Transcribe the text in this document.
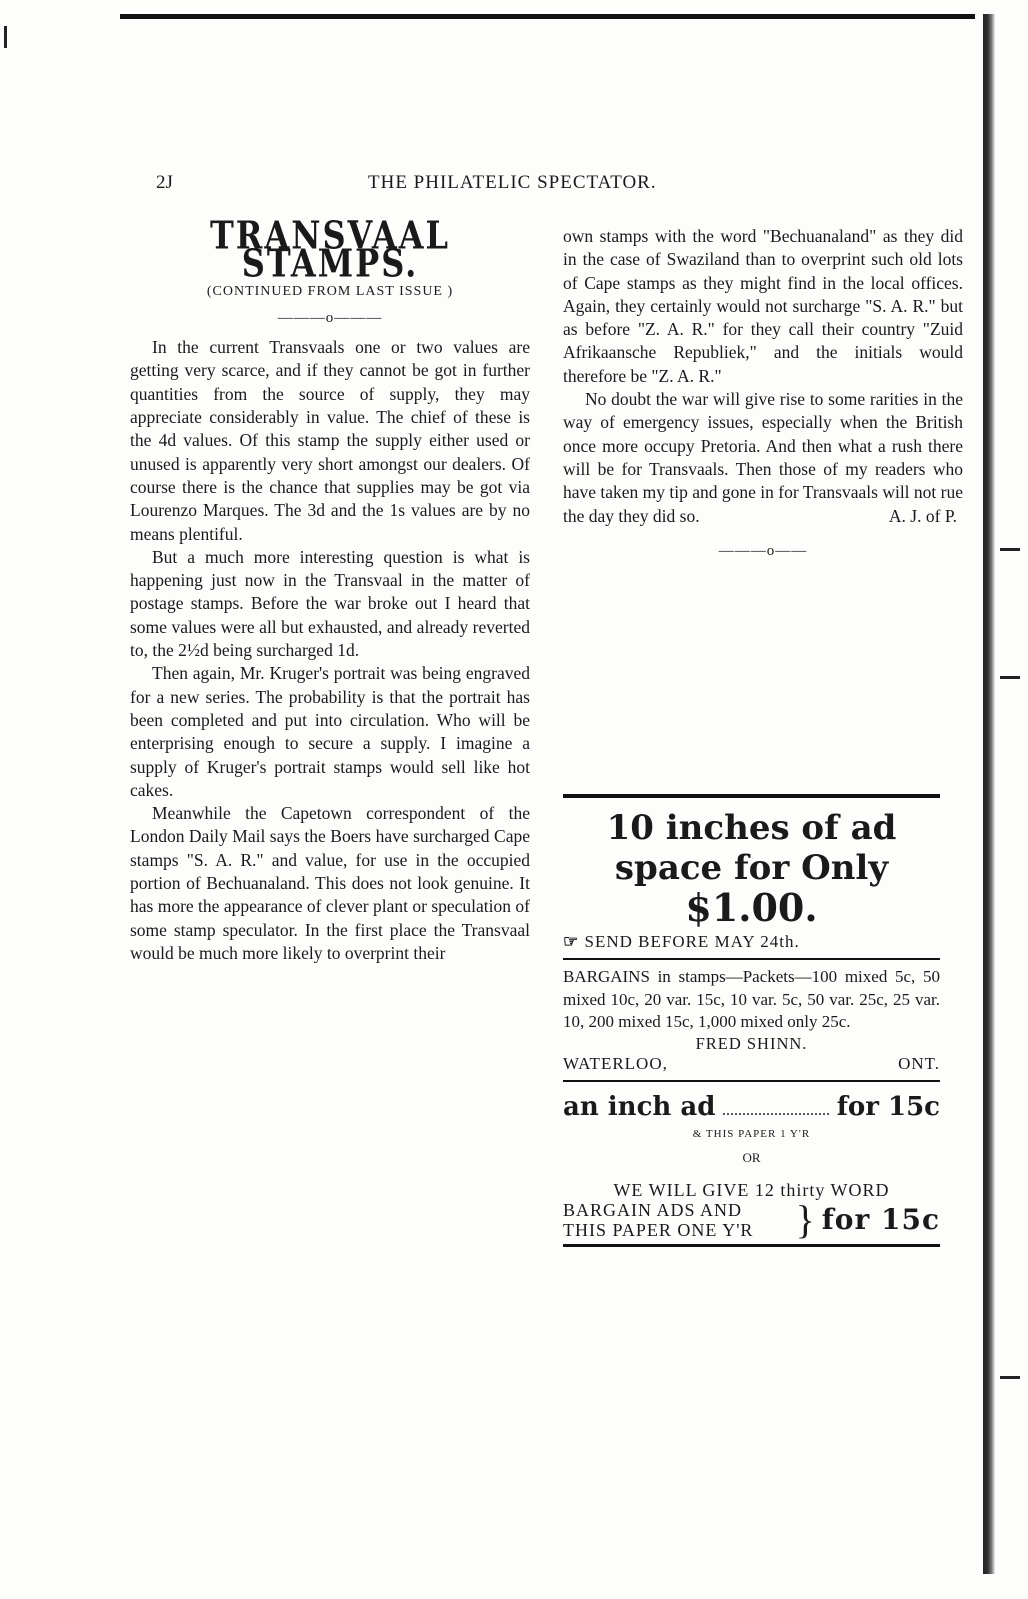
2J	THE PHILATELIC SPECTATOR.
TRANSVAAL STAMPS.
(CONTINUED FROM LAST ISSUE )
———o———

In the current Transvaals one or two values are getting very scarce, and if they cannot be got in further quantities from the source of supply, they may appreciate considerably in value. The chief of these is the 4d values. Of this stamp the supply either used or unused is apparently very short amongst our dealers. Of course there is the chance that supplies may be got via Lourenzo Marques. The 3d and the 1s values are by no means plentiful.

But a much more interesting question is what is happening just now in the Transvaal in the matter of postage stamps. Before the war broke out I heard that some values were all but exhausted, and already reverted to, the 2½d being surcharged 1d.

Then again, Mr. Kruger's portrait was being engraved for a new series. The probability is that the portrait has been completed and put into circulation. Who will be enterprising enough to secure a supply. I imagine a supply of Kruger's portrait stamps would sell like hot cakes.

Meanwhile the Capetown correspondent of the London Daily Mail says the Boers have surcharged Cape stamps "S. A. R." and value, for use in the occupied portion of Bechuanaland. This does not look genuine. It has more the appearance of clever plant or speculation of some stamp speculator. In the first place the Transvaal would be much more likely to overprint their

own stamps with the word "Bechuanaland" as they did in the case of Swaziland than to overprint such old lots of Cape stamps as they might find in the local offices. Again, they certainly would not surcharge "S. A. R." but as before "Z. A. R." for they call their country "Zuid Afrikaansche Republiek," and the initials would therefore be "Z. A. R."

No doubt the war will give rise to some rarities in the way of emergency issues, especially when the British once more occupy Pretoria. And then what a rush there will be for Transvaals. Then those of my readers who have taken my tip and gone in for Transvaals will not rue the day they did so.	A. J. of P.
———o——
10 inches of ad
space for Only
$1.00.
☞ SEND BEFORE MAY 24th.
BARGAINS in stamps—Packets—100 mixed 5c, 50 mixed 10c, 20 var. 15c, 10 var. 5c, 50 var. 25c, 25 var. 10, 200 mixed 15c, 1,000 mixed only 25c.
FRED SHINN.
WATERLOO,	ONT.
an inch ad	for 15c
& THIS PAPER 1 Y'R
OR
WE WILL GIVE 12 thirty WORD
BARGAIN ADS AND
THIS PAPER ONE Y'R	} for 15c
